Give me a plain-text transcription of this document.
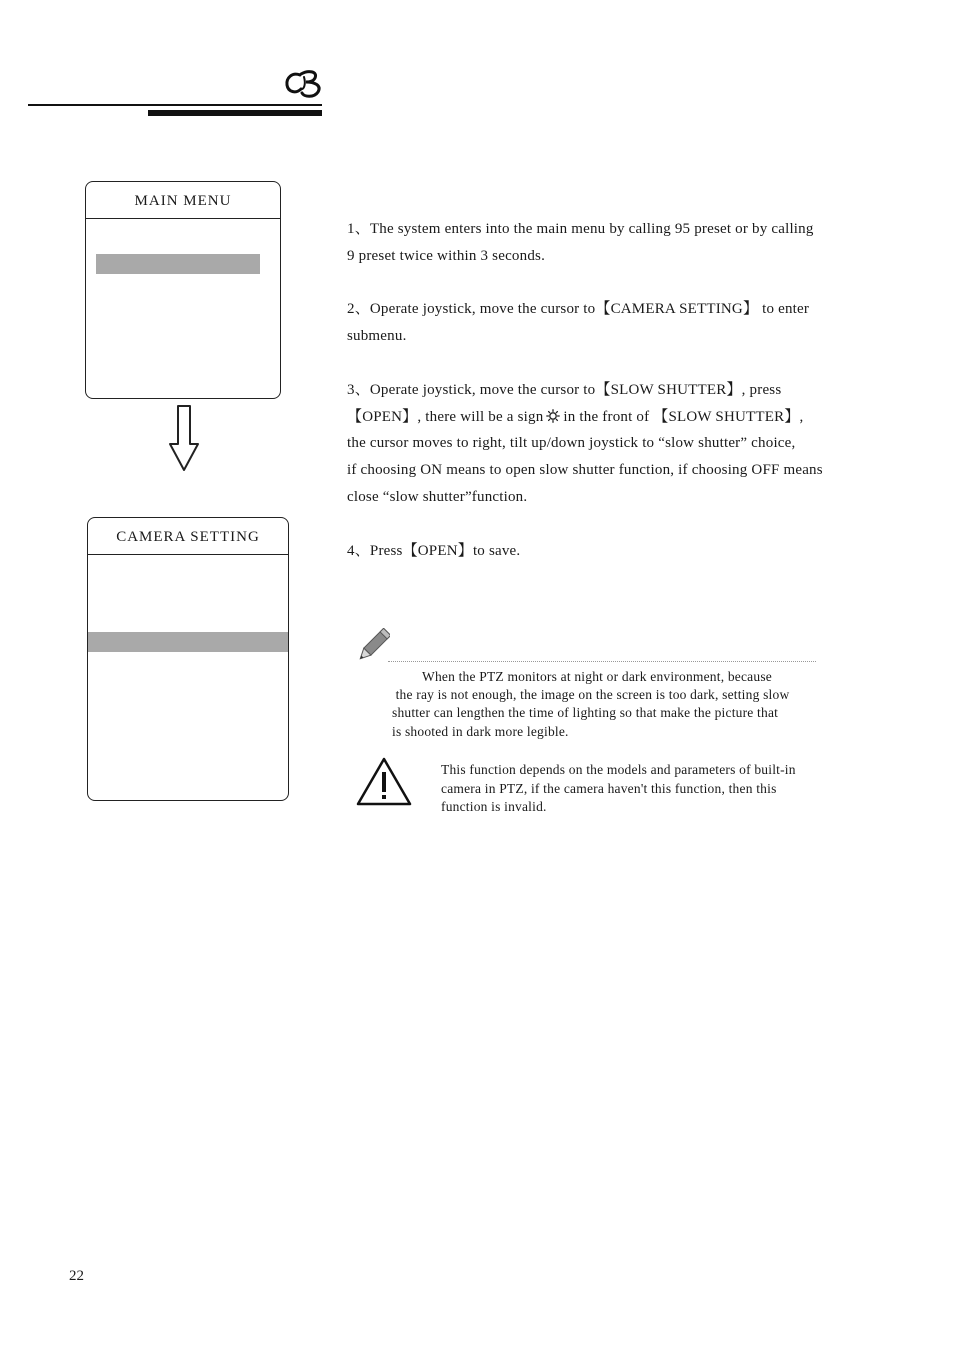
MAIN MENU
CAMERA SETTING

1、The system enters into the main menu by calling 95 preset or by calling

9 preset twice within 3 seconds.

2、Operate joystick, move the cursor to【CAMERA SETTING】 to enter

submenu.

3、Operate joystick, move the cursor to【SLOW SHUTTER】, press

【OPEN】, there will be a sign in the front of 【SLOW SHUTTER】,

the cursor moves to right, tilt up/down joystick to “slow shutter” choice,

if choosing ON means to open slow shutter function, if choosing OFF means

close “slow shutter”function.

4、Press【OPEN】to save.

When the PTZ monitors at night or dark environment, because
the ray is not enough, the image on the screen is too dark, setting slow
shutter can lengthen the time of lighting so that make the picture that
is shooted in dark more legible.
This function depends on the models and parameters of built-in
camera in PTZ, if the camera haven't this function, then this
function is invalid.
22
